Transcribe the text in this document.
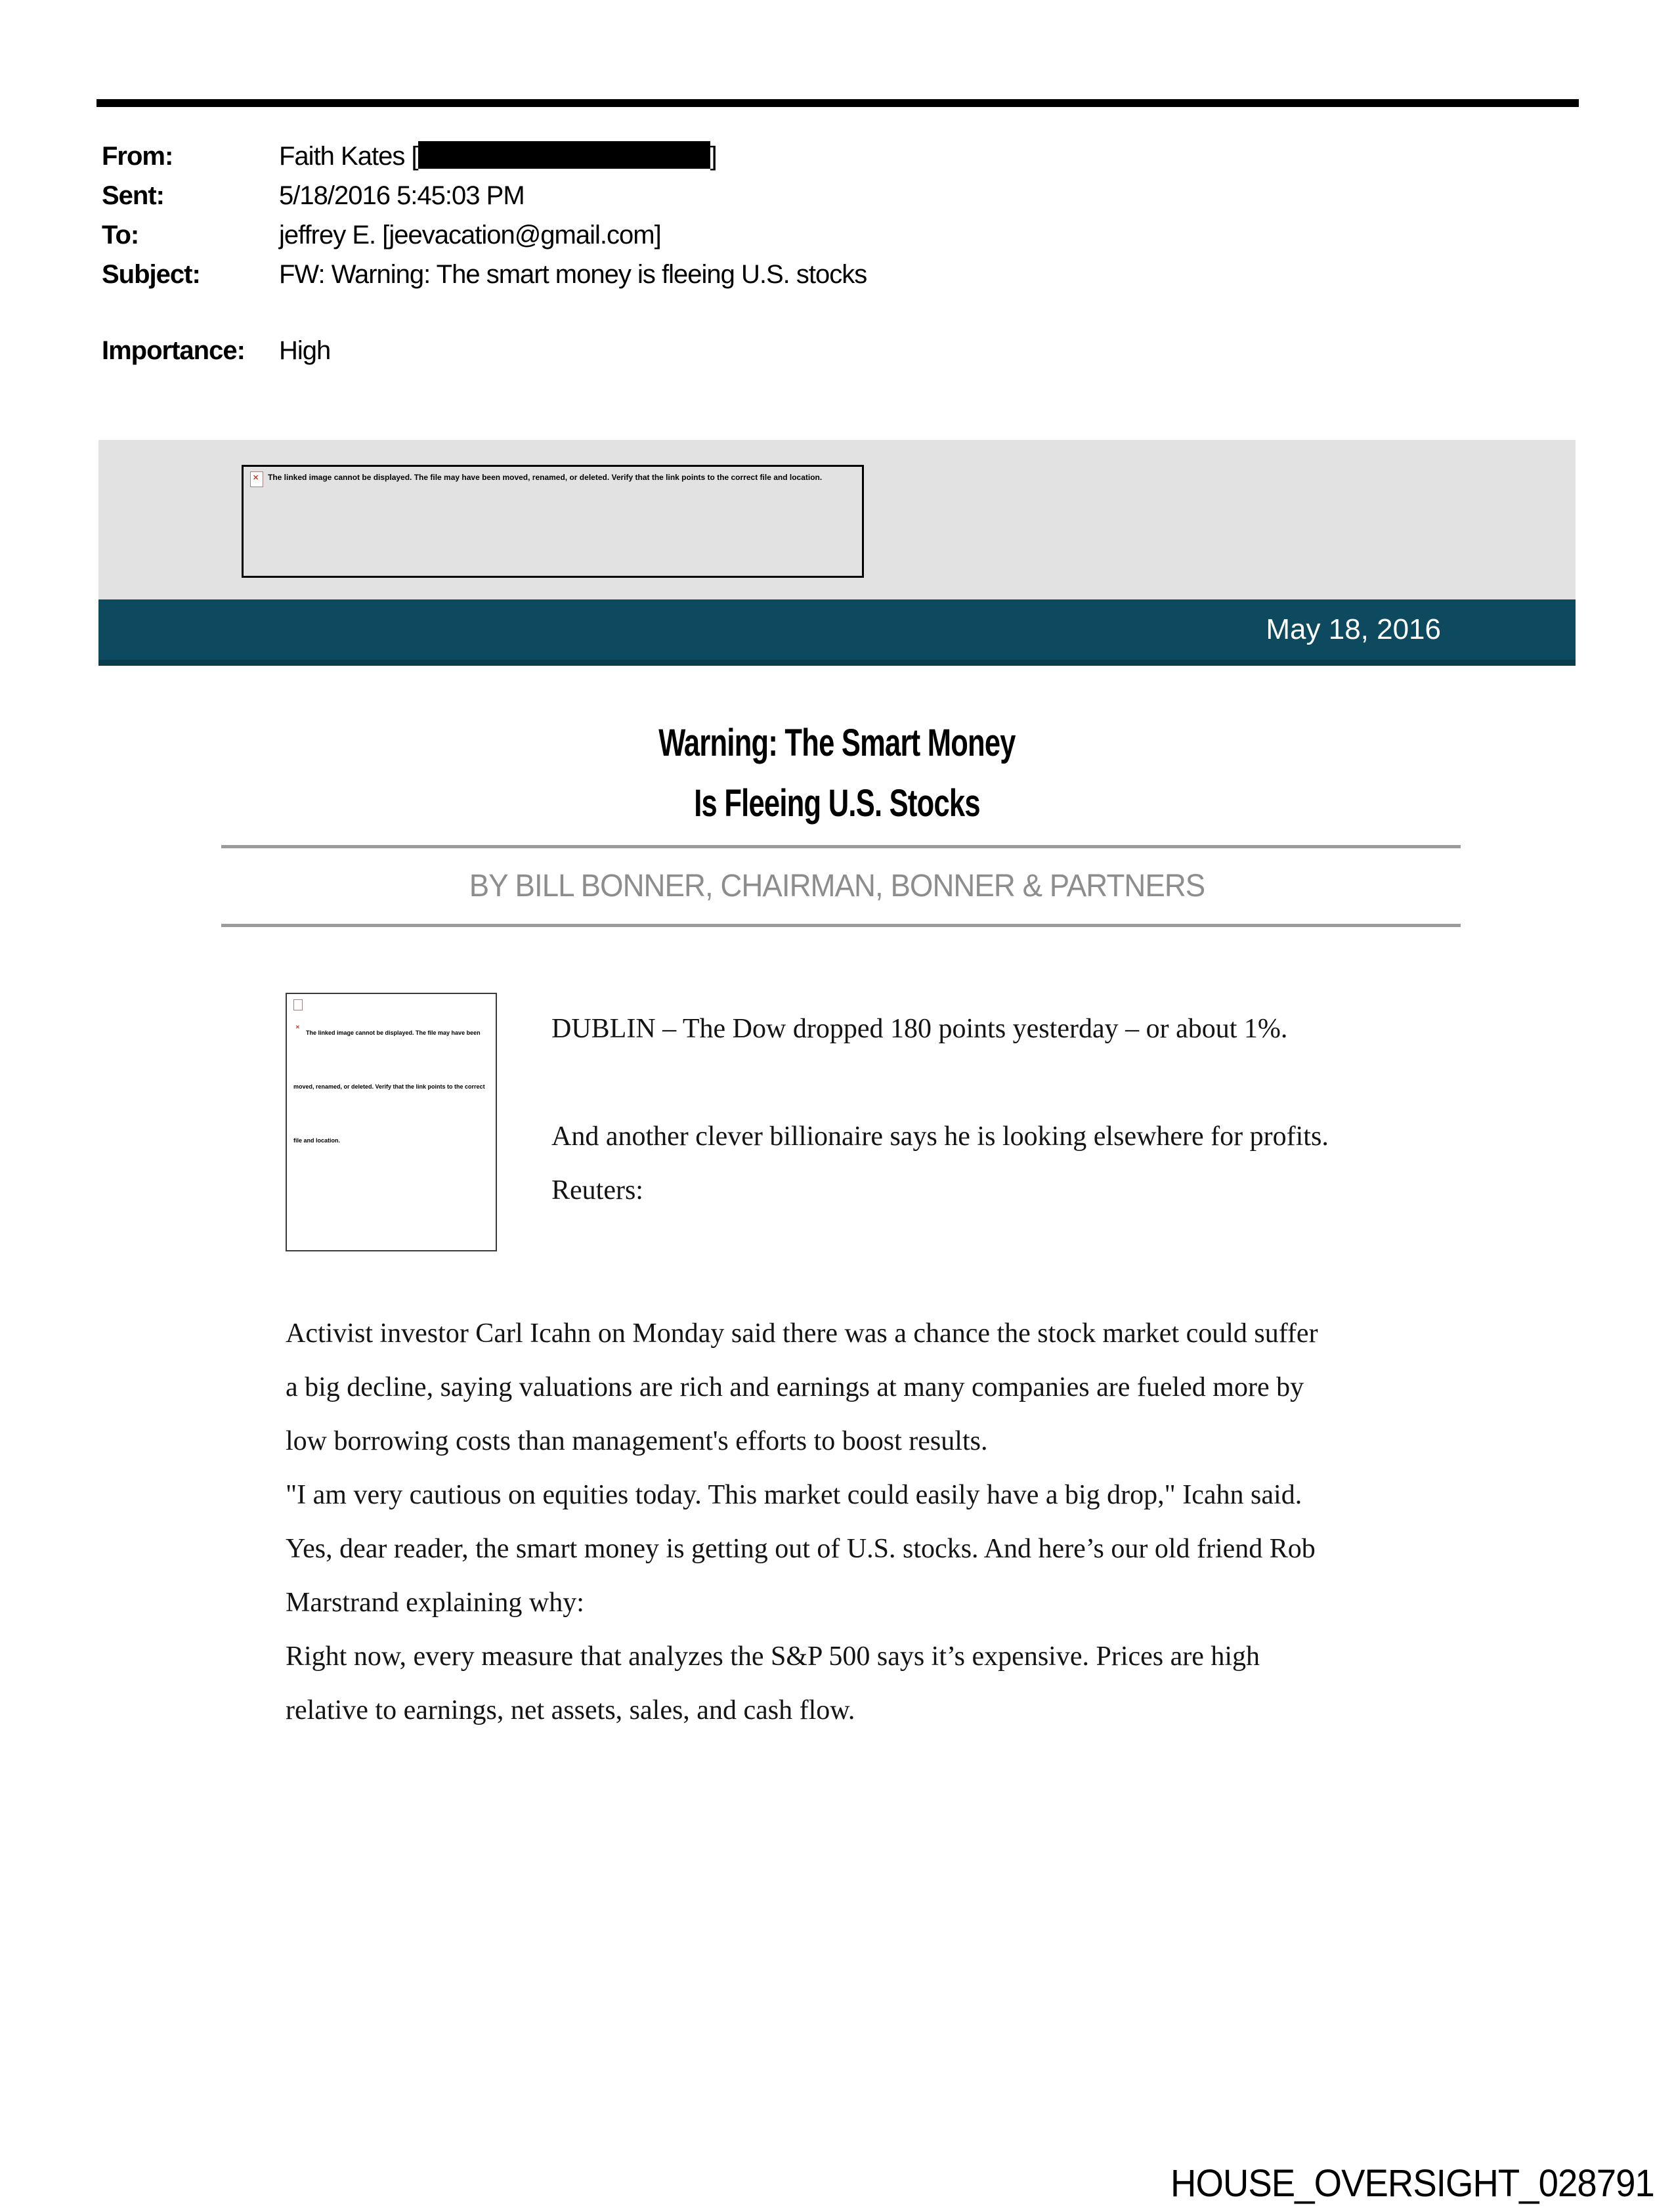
From:	Faith Kates [	]
Sent:	5/18/2016 5:45:03 PM
To:	jeffrey E. [jeevacation@gmail.com]
Subject:	FW: Warning: The smart money is fleeing U.S. stocks
Importance:	High
✕
The linked image cannot be displayed. The file may have been moved, renamed, or deleted. Verify that the link points to the correct file and location.
May 18, 2016
Warning: The Smart Money
Is Fleeing U.S. Stocks
BY BILL BONNER, CHAIRMAN, BONNER & PARTNERS
✕
The linked image cannot be displayed. The file may have been moved, renamed, or deleted. Verify that the link points to the correct file and location.

DUBLIN – The Dow dropped 180 points yesterday – or about 1%.

And another clever billionaire says he is looking elsewhere for profits. Reuters:

Activist investor Carl Icahn on Monday said there was a chance the stock market could suffer a big decline, saying valuations are rich and earnings at many companies are fueled more by low borrowing costs than management's efforts to boost results.

"I am very cautious on equities today. This market could easily have a big drop," Icahn said.

Yes, dear reader, the smart money is getting out of U.S. stocks. And here’s our old friend Rob Marstrand explaining why:

Right now, every measure that analyzes the S&P 500 says it’s expensive. Prices are high relative to earnings, net assets, sales, and cash flow.

HOUSE_OVERSIGHT_028791
